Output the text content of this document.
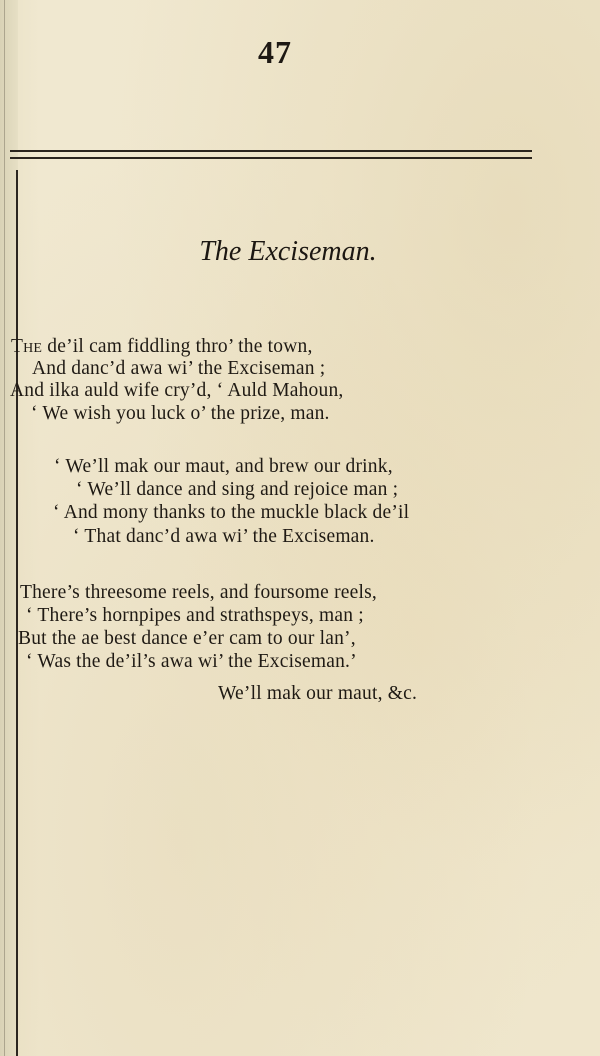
47
The Exciseman.
The de’il cam fiddling thro’ the town,
And danc’d awa wi’ the Exciseman ;
And ilka auld wife cry’d, ‘ Auld Mahoun,
‘ We wish you luck o’ the prize, man.
‘ We’ll mak our maut, and brew our drink,
‘ We’ll dance and sing and rejoice man ;
‘ And mony thanks to the muckle black de’il
‘ That danc’d awa wi’ the Exciseman.
There’s threesome reels, and foursome reels,
‘ There’s hornpipes and strathspeys, man ;
But the ae best dance e’er cam to our lan’,
‘ Was the de’il’s awa wi’ the Exciseman.’
We’ll mak our maut, &c.
